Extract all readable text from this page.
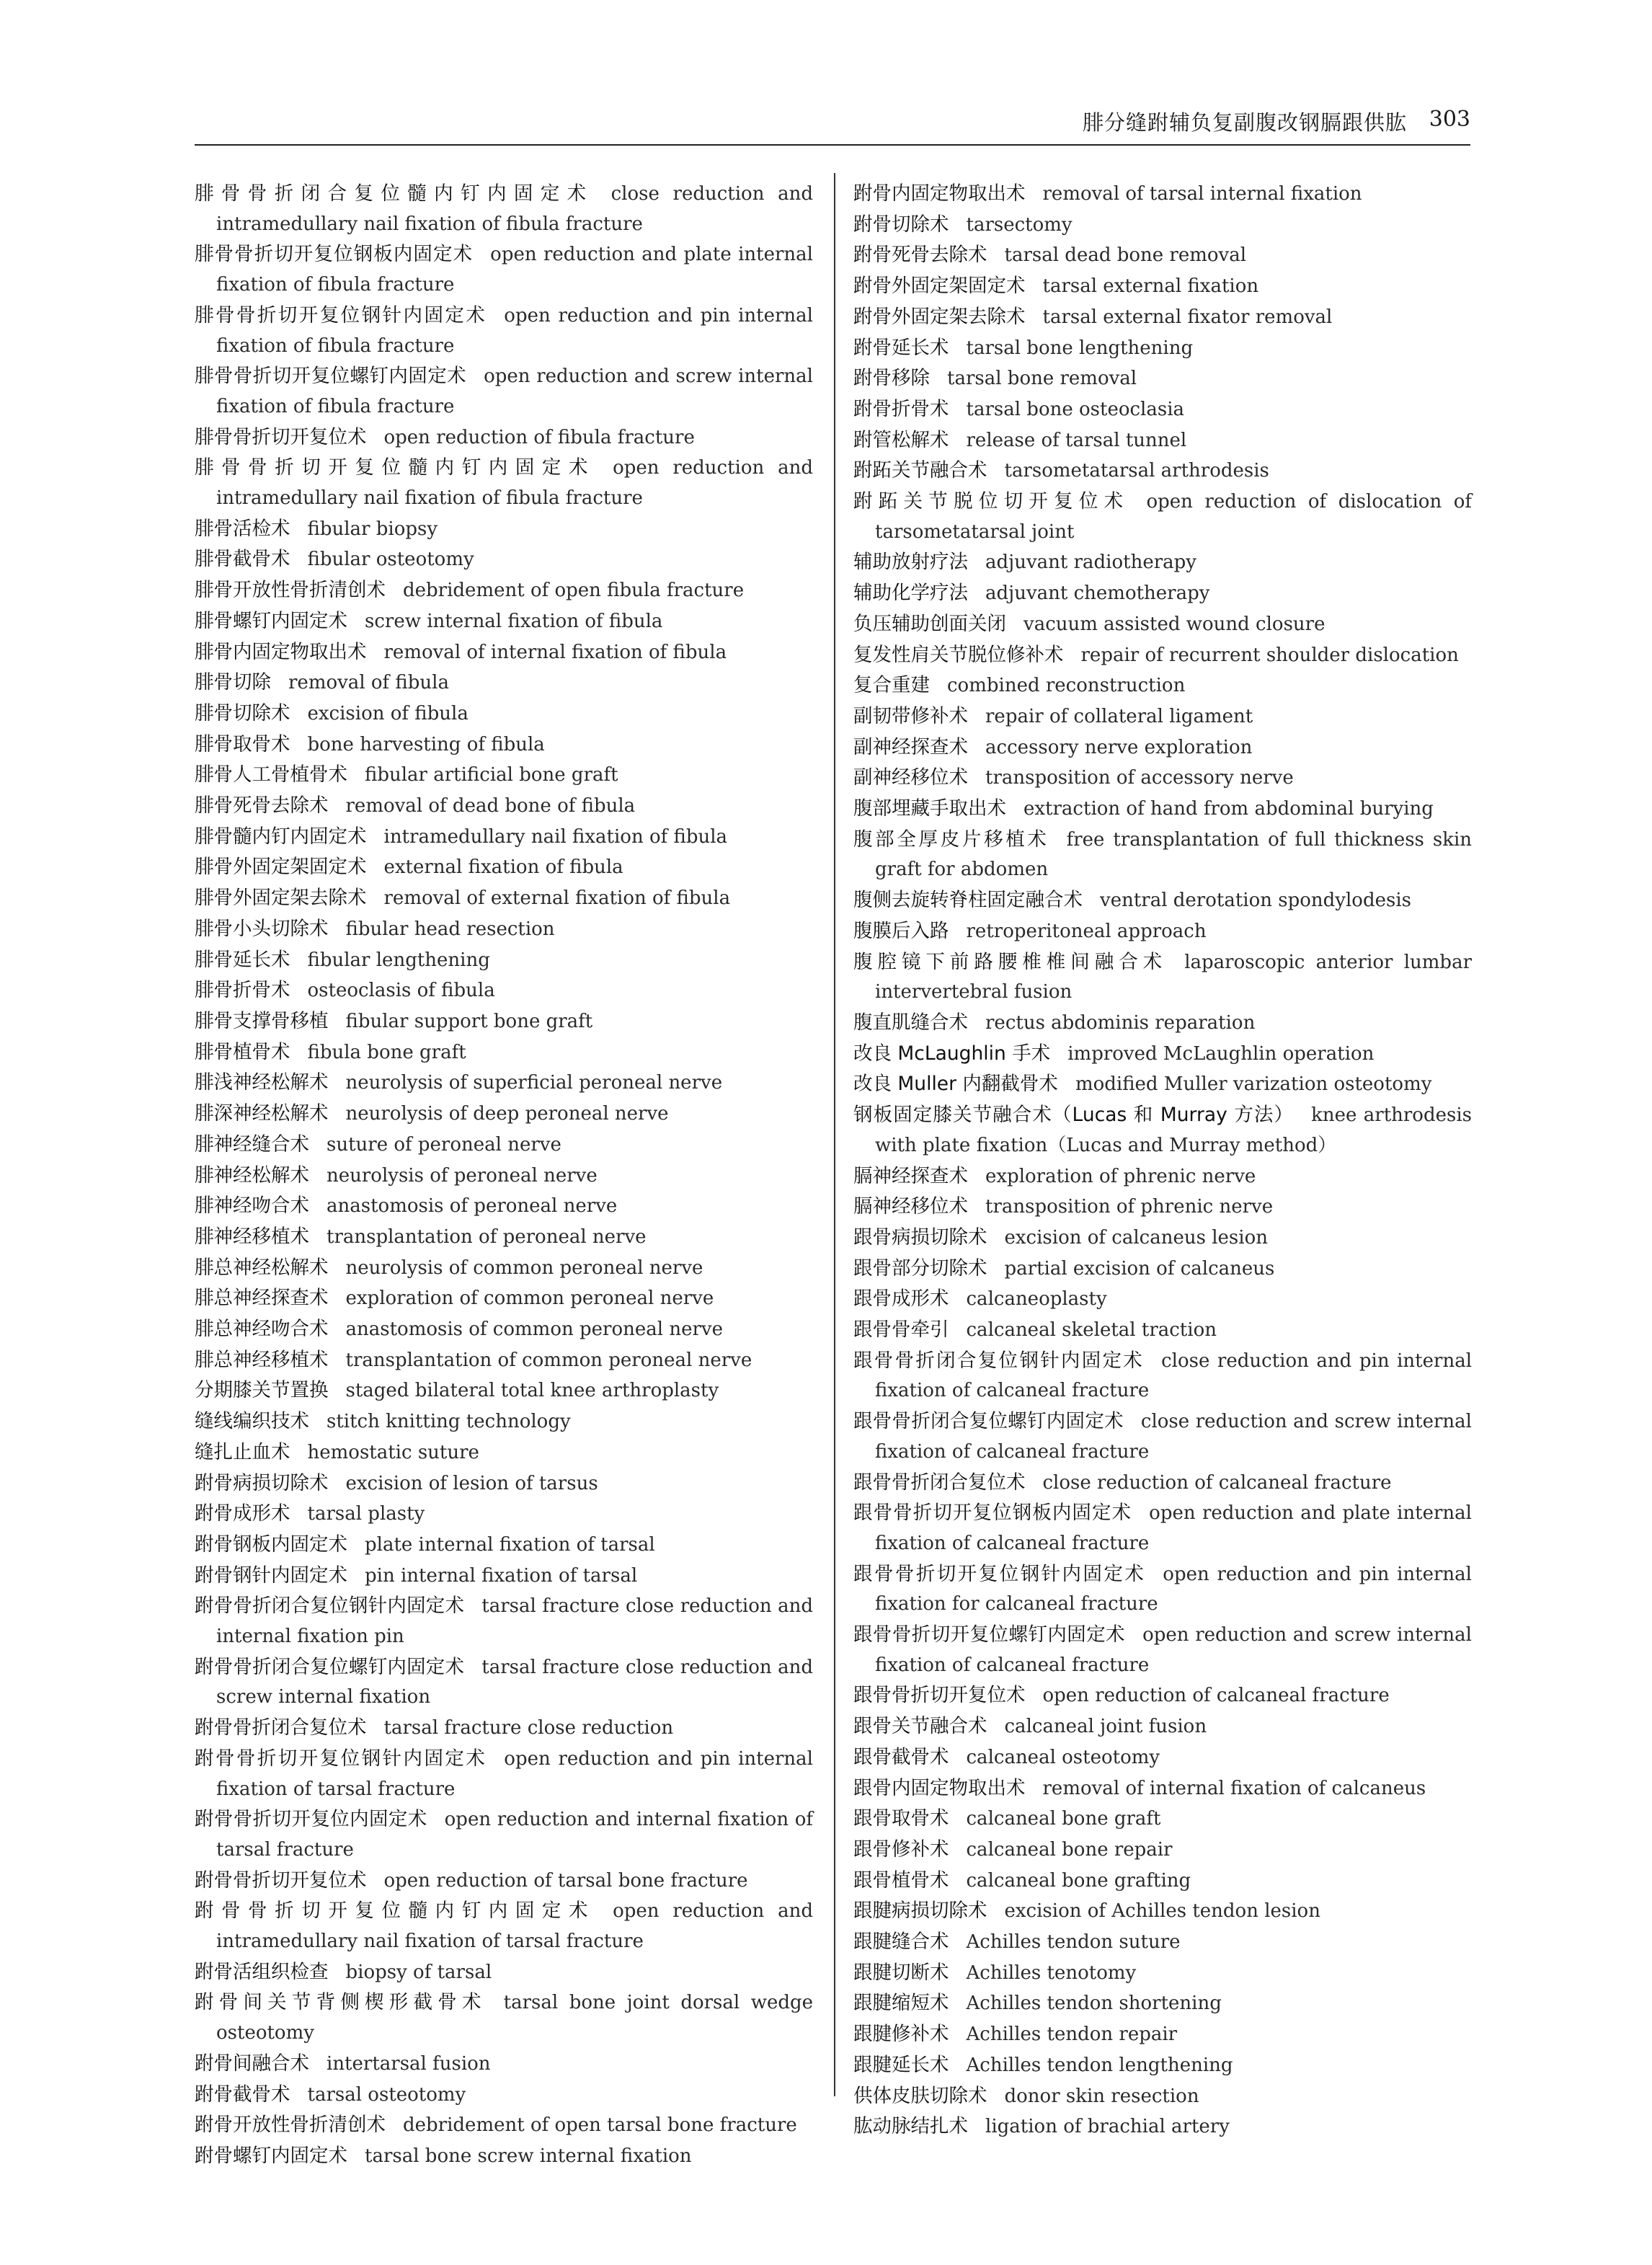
腓分缝跗辅负复副腹改钢膈跟供肱 303
腓骨骨折闭合复位髓内钉内固定术 close reduction and intramedullary nail fixation of fibula fracture
腓骨骨折切开复位钢板内固定术 open reduction and plate internal fixation of fibula fracture
腓骨骨折切开复位钢针内固定术 open reduction and pin internal fixation of fibula fracture
腓骨骨折切开复位螺钉内固定术 open reduction and screw internal fixation of fibula fracture
腓骨骨折切开复位术 open reduction of fibula fracture
腓骨骨折切开复位髓内钉内固定术 open reduction and intramedullary nail fixation of fibula fracture
腓骨活检术 fibular biopsy
腓骨截骨术 fibular osteotomy
腓骨开放性骨折清创术 debridement of open fibula fracture
腓骨螺钉内固定术 screw internal fixation of fibula
腓骨内固定物取出术 removal of internal fixation of fibula
腓骨切除 removal of fibula
腓骨切除术 excision of fibula
腓骨取骨术 bone harvesting of fibula
腓骨人工骨植骨术 fibular artificial bone graft
腓骨死骨去除术 removal of dead bone of fibula
腓骨髓内钉内固定术 intramedullary nail fixation of fibula
腓骨外固定架固定术 external fixation of fibula
腓骨外固定架去除术 removal of external fixation of fibula
腓骨小头切除术 fibular head resection
腓骨延长术 fibular lengthening
腓骨折骨术 osteoclasis of fibula
腓骨支撑骨移植 fibular support bone graft
腓骨植骨术 fibula bone graft
腓浅神经松解术 neurolysis of superficial peroneal nerve
腓深神经松解术 neurolysis of deep peroneal nerve
腓神经缝合术 suture of peroneal nerve
腓神经松解术 neurolysis of peroneal nerve
腓神经吻合术 anastomosis of peroneal nerve
腓神经移植术 transplantation of peroneal nerve
腓总神经松解术 neurolysis of common peroneal nerve
腓总神经探查术 exploration of common peroneal nerve
腓总神经吻合术 anastomosis of common peroneal nerve
腓总神经移植术 transplantation of common peroneal nerve
分期膝关节置换 staged bilateral total knee arthroplasty
缝线编织技术 stitch knitting technology
缝扎止血术 hemostatic suture
跗骨病损切除术 excision of lesion of tarsus
跗骨成形术 tarsal plasty
跗骨钢板内固定术 plate internal fixation of tarsal
跗骨钢针内固定术 pin internal fixation of tarsal
跗骨骨折闭合复位钢针内固定术 tarsal fracture close reduction and internal fixation pin
跗骨骨折闭合复位螺钉内固定术 tarsal fracture close reduction and screw internal fixation
跗骨骨折闭合复位术 tarsal fracture close reduction
跗骨骨折切开复位钢针内固定术 open reduction and pin internal fixation of tarsal fracture
跗骨骨折切开复位内固定术 open reduction and internal fixation of tarsal fracture
跗骨骨折切开复位术 open reduction of tarsal bone fracture
跗骨骨折切开复位髓内钉内固定术 open reduction and intramedullary nail fixation of tarsal fracture
跗骨活组织检查 biopsy of tarsal
跗骨间关节背侧楔形截骨术 tarsal bone joint dorsal wedge osteotomy
跗骨间融合术 intertarsal fusion
跗骨截骨术 tarsal osteotomy
跗骨开放性骨折清创术 debridement of open tarsal bone fracture
跗骨螺钉内固定术 tarsal bone screw internal fixation
跗骨内固定物取出术 removal of tarsal internal fixation
跗骨切除术 tarsectomy
跗骨死骨去除术 tarsal dead bone removal
跗骨外固定架固定术 tarsal external fixation
跗骨外固定架去除术 tarsal external fixator removal
跗骨延长术 tarsal bone lengthening
跗骨移除 tarsal bone removal
跗骨折骨术 tarsal bone osteoclasia
跗管松解术 release of tarsal tunnel
跗跖关节融合术 tarsometatarsal arthrodesis
跗跖关节脱位切开复位术 open reduction of dislocation of tarsometatarsal joint
辅助放射疗法 adjuvant radiotherapy
辅助化学疗法 adjuvant chemotherapy
负压辅助创面关闭 vacuum assisted wound closure
复发性肩关节脱位修补术 repair of recurrent shoulder dislocation
复合重建 combined reconstruction
副韧带修补术 repair of collateral ligament
副神经探查术 accessory nerve exploration
副神经移位术 transposition of accessory nerve
腹部埋藏手取出术 extraction of hand from abdominal burying
腹部全厚皮片移植术 free transplantation of full thickness skin graft for abdomen
腹侧去旋转脊柱固定融合术 ventral derotation spondylodesis
腹膜后入路 retroperitoneal approach
腹腔镜下前路腰椎椎间融合术 laparoscopic anterior lumbar intervertebral fusion
腹直肌缝合术 rectus abdominis reparation
改良 McLaughlin 手术 improved McLaughlin operation
改良 Muller 内翻截骨术 modified Muller varization osteotomy
钢板固定膝关节融合术（Lucas 和 Murray 方法） knee arthrodesis with plate fixation（Lucas and Murray method）
膈神经探查术 exploration of phrenic nerve
膈神经移位术 transposition of phrenic nerve
跟骨病损切除术 excision of calcaneus lesion
跟骨部分切除术 partial excision of calcaneus
跟骨成形术 calcaneoplasty
跟骨骨牵引 calcaneal skeletal traction
跟骨骨折闭合复位钢针内固定术 close reduction and pin internal fixation of calcaneal fracture
跟骨骨折闭合复位螺钉内固定术 close reduction and screw internal fixation of calcaneal fracture
跟骨骨折闭合复位术 close reduction of calcaneal fracture
跟骨骨折切开复位钢板内固定术 open reduction and plate internal fixation of calcaneal fracture
跟骨骨折切开复位钢针内固定术 open reduction and pin internal fixation for calcaneal fracture
跟骨骨折切开复位螺钉内固定术 open reduction and screw internal fixation of calcaneal fracture
跟骨骨折切开复位术 open reduction of calcaneal fracture
跟骨关节融合术 calcaneal joint fusion
跟骨截骨术 calcaneal osteotomy
跟骨内固定物取出术 removal of internal fixation of calcaneus
跟骨取骨术 calcaneal bone graft
跟骨修补术 calcaneal bone repair
跟骨植骨术 calcaneal bone grafting
跟腱病损切除术 excision of Achilles tendon lesion
跟腱缝合术 Achilles tendon suture
跟腱切断术 Achilles tenotomy
跟腱缩短术 Achilles tendon shortening
跟腱修补术 Achilles tendon repair
跟腱延长术 Achilles tendon lengthening
供体皮肤切除术 donor skin resection
肱动脉结扎术 ligation of brachial artery
